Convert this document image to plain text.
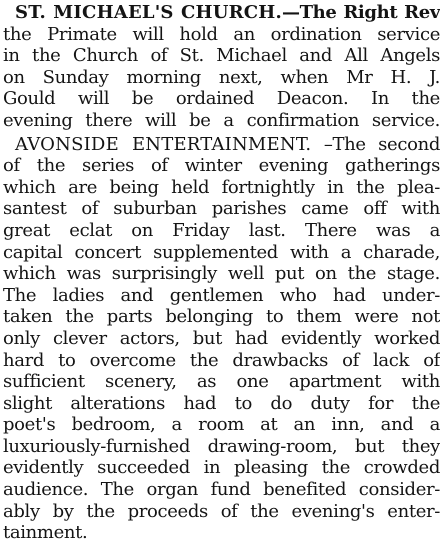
ST. MICHAEL'S CHURCH.—The Right Rev
the Primate will hold an ordination service
in the Church of St. Michael and All Angels
on Sunday morning next, when Mr H. J.
Gould will be ordained Deacon. In the
evening there will be a confirmation service.
AVONSIDE ENTERTAINMENT. –The second
of the series of winter evening gatherings
which are being held fortnightly in the plea-
santest of suburban parishes came off with
great eclat on Friday last. There was a
capital concert supplemented with a charade,
which was surprisingly well put on the stage.
The ladies and gentlemen who had under-
taken the parts belonging to them were not
only clever actors, but had evidently worked
hard to overcome the drawbacks of lack of
sufficient scenery, as one apartment with
slight alterations had to do duty for the
poet's bedroom, a room at an inn, and a
luxuriously-furnished drawing-room, but they
evidently succeeded in pleasing the crowded
audience. The organ fund benefited consider-
ably by the proceeds of the evening's enter-
tainment.
